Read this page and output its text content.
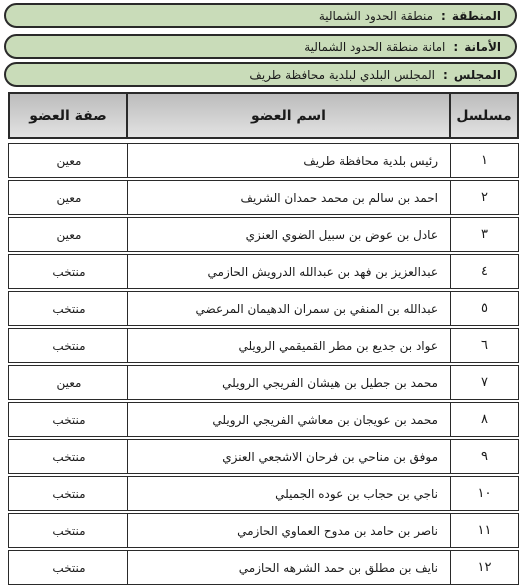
المنطقة
:
منطقة الحدود الشمالية
الأمانة
:
امانة منطقة الحدود الشمالية
المجلس
:
المجلس البلدي لبلدية محافظة طريف
مسلسل
اسم العضو
صفة العضو
١
رئيس بلدية محافظة طريف
معين
٢
احمد بن سالم بن محمد حمدان الشريف
معين
٣
عادل بن عوض بن سبيل الضوي العنزي
معين
٤
عبدالعزيز بن فهد بن عبدالله الدرويش الحازمي
منتخب
٥
عبدالله بن المنفي بن سمران الدهيمان المرعضي
منتخب
٦
عواد بن جديع بن مطر القميقمي الرويلي
منتخب
٧
محمد بن جطيل بن هيشان الفريجي الرويلي
معين
٨
محمد بن عويجان بن معاشي الفريجي الرويلي
منتخب
٩
موفق بن مناحي بن فرحان الاشجعي العنزي
منتخب
١٠
ناجي بن حجاب بن عوده الجميلي
منتخب
١١
ناصر بن حامد بن مدوح العماوي الحازمي
منتخب
١٢
نايف بن مطلق بن حمد الشرهه الحازمي
منتخب
